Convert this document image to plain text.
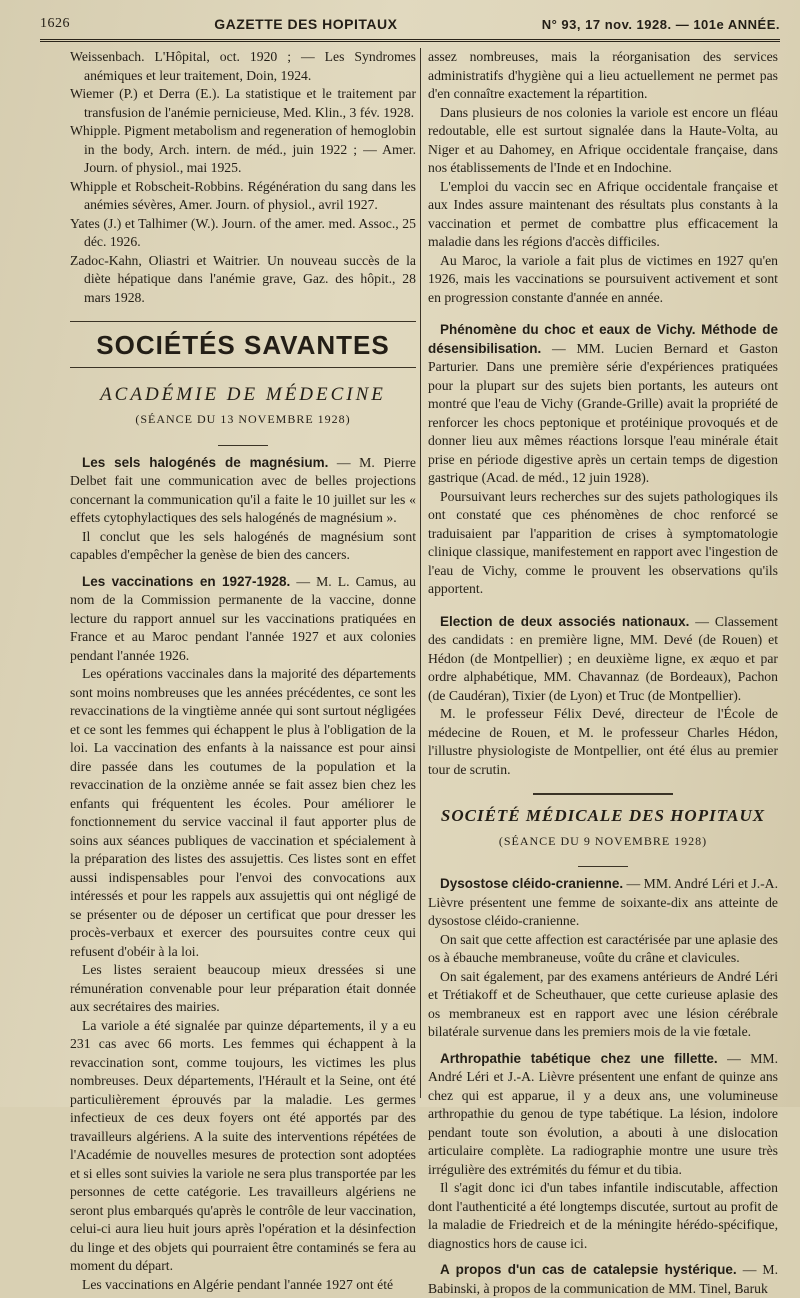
1626	GAZETTE DES HOPITAUX	N° 93, 17 nov. 1928. — 101e ANNÉE.

Weissenbach. L'Hôpital, oct. 1920 ; — Les Syndromes anémiques et leur traitement, Doin, 1924.

Wiemer (P.) et Derra (E.). La statistique et le traitement par transfusion de l'anémie pernicieuse, Med. Klin., 3 fév. 1928.

Whipple. Pigment metabolism and regeneration of hemoglobin in the body, Arch. intern. de méd., juin 1922 ; — Amer. Journ. of physiol., mai 1925.

Whipple et Robscheit-Robbins. Régénération du sang dans les anémies sévères, Amer. Journ. of physiol., avril 1927.

Yates (J.) et Talhimer (W.). Journ. of the amer. med. Assoc., 25 déc. 1926.

Zadoc-Kahn, Oliastri et Waitrier. Un nouveau succès de la diète hépatique dans l'anémie grave, Gaz. des hôpit., 28 mars 1928.

SOCIÉTÉS SAVANTES
ACADÉMIE DE MÉDECINE
(SÉANCE DU 13 NOVEMBRE 1928)

Les sels halogénés de magnésium. — M. Pierre Delbet fait une communication avec de belles projections concernant la communication qu'il a faite le 10 juillet sur les « effets cytophylactiques des sels halogénés de magnésium ».

Il conclut que les sels halogénés de magnésium sont capables d'empêcher la genèse de bien des cancers.

Les vaccinations en 1927-1928. — M. L. Camus, au nom de la Commission permanente de la vaccine, donne lecture du rapport annuel sur les vaccinations pratiquées en France et au Maroc pendant l'année 1927 et aux colonies pendant l'année 1926.

Les opérations vaccinales dans la majorité des départements sont moins nombreuses que les années précédentes, ce sont les revaccinations de la vingtième année qui sont surtout négligées et ce sont les femmes qui échappent le plus à l'obligation de la loi. La vaccination des enfants à la naissance est pour ainsi dire passée dans les coutumes de la population et la revaccination de la onzième année se fait assez bien chez les enfants qui fréquentent les écoles. Pour améliorer le fonctionnement du service vaccinal il faut apporter plus de soins aux séances publiques de vaccination et spécialement à la préparation des listes des assujettis. Ces listes sont en effet aussi indispensables pour l'envoi des convocations aux intéressés et pour les rappels aux assujettis qui ont négligé de se présenter ou de déposer un certificat que pour dresser les procès-verbaux et exercer des poursuites contre ceux qui refusent d'obéir à la loi.

Les listes seraient beaucoup mieux dressées si une rémunération convenable pour leur préparation était donnée aux secrétaires des mairies.

La variole a été signalée par quinze départements, il y a eu 231 cas avec 66 morts. Les femmes qui échappent à la revaccination sont, comme toujours, les victimes les plus nombreuses. Deux départements, l'Hérault et la Seine, ont été particulièrement éprouvés par la maladie. Les germes infectieux de ces deux foyers ont été apportés par des travailleurs algériens. A la suite des interventions répétées de l'Académie de nouvelles mesures de protection sont adoptées et si elles sont suivies la variole ne sera plus transportée par les personnes de cette catégorie. Les travailleurs algériens ne seront plus embarqués qu'après le contrôle de leur vaccination, celui-ci aura lieu huit jours après l'opération et la désinfection du linge et des objets qui pourraient être contaminés se fera au moment du départ.

Les vaccinations en Algérie pendant l'année 1927 ont été

assez nombreuses, mais la réorganisation des services administratifs d'hygiène qui a lieu actuellement ne permet pas d'en connaître exactement la répartition.

Dans plusieurs de nos colonies la variole est encore un fléau redoutable, elle est surtout signalée dans la Haute-Volta, au Niger et au Dahomey, en Afrique occidentale française, dans nos établissements de l'Inde et en Indochine.

L'emploi du vaccin sec en Afrique occidentale française et aux Indes assure maintenant des résultats plus constants à la vaccination et permet de combattre plus efficacement la maladie dans les régions d'accès difficiles.

Au Maroc, la variole a fait plus de victimes en 1927 qu'en 1926, mais les vaccinations se poursuivent activement et sont en progression constante d'année en année.

Phénomène du choc et eaux de Vichy. Méthode de désensibilisation. — MM. Lucien Bernard et Gaston Parturier. Dans une première série d'expériences pratiquées pour la plupart sur des sujets bien portants, les auteurs ont montré que l'eau de Vichy (Grande-Grille) avait la propriété de renforcer les chocs peptonique et protéinique provoqués et de donner lieu aux mêmes réactions lorsque l'eau minérale était prise en période digestive après un certain temps de digestion gastrique (Acad. de méd., 12 juin 1928).

Poursuivant leurs recherches sur des sujets pathologiques ils ont constaté que ces phénomènes de choc renforcé se traduisaient par l'apparition de crises à symptomatologie clinique classique, manifestement en rapport avec l'ingestion de l'eau de Vichy, comme le prouvent les observations qu'ils apportent.

Election de deux associés nationaux. — Classement des candidats : en première ligne, MM. Devé (de Rouen) et Hédon (de Montpellier) ; en deuxième ligne, ex æquo et par ordre alphabétique, MM. Chavannaz (de Bordeaux), Pachon (de Caudéran), Tixier (de Lyon) et Truc (de Montpellier).

M. le professeur Félix Devé, directeur de l'École de médecine de Rouen, et M. le professeur Charles Hédon, l'illustre physiologiste de Montpellier, ont été élus au premier tour de scrutin.

SOCIÉTÉ MÉDICALE DES HOPITAUX
(SÉANCE DU 9 NOVEMBRE 1928)

Dysostose cléido-cranienne. — MM. André Léri et J.-A. Lièvre présentent une femme de soixante-dix ans atteinte de dysostose cléido-cranienne.

On sait que cette affection est caractérisée par une aplasie des os à ébauche membraneuse, voûte du crâne et clavicules.

On sait également, par des examens antérieurs de André Léri et Trétiakoff et de Scheuthauer, que cette curieuse aplasie des os membraneux est en rapport avec une lésion cérébrale bilatérale survenue dans les premiers mois de la vie fœtale.

Arthropathie tabétique chez une fillette. — MM. André Léri et J.-A. Lièvre présentent une enfant de quinze ans chez qui est apparue, il y a deux ans, une volumineuse arthropathie du genou de type tabétique. La lésion, indolore pendant toute son évolution, a abouti à une dislocation articulaire complète. La radiographie montre une usure très irrégulière des extrémités du fémur et du tibia.

Il s'agit donc ici d'un tabes infantile indiscutable, affection dont l'authenticité a été longtemps discutée, surtout au profit de la maladie de Friedreich et de la méningite hérédo-spécifique, diagnostics hors de cause ici.

A propos d'un cas de catalepsie hystérique. — M. Babinski, à propos de la communication de MM. Tinel, Baruk
